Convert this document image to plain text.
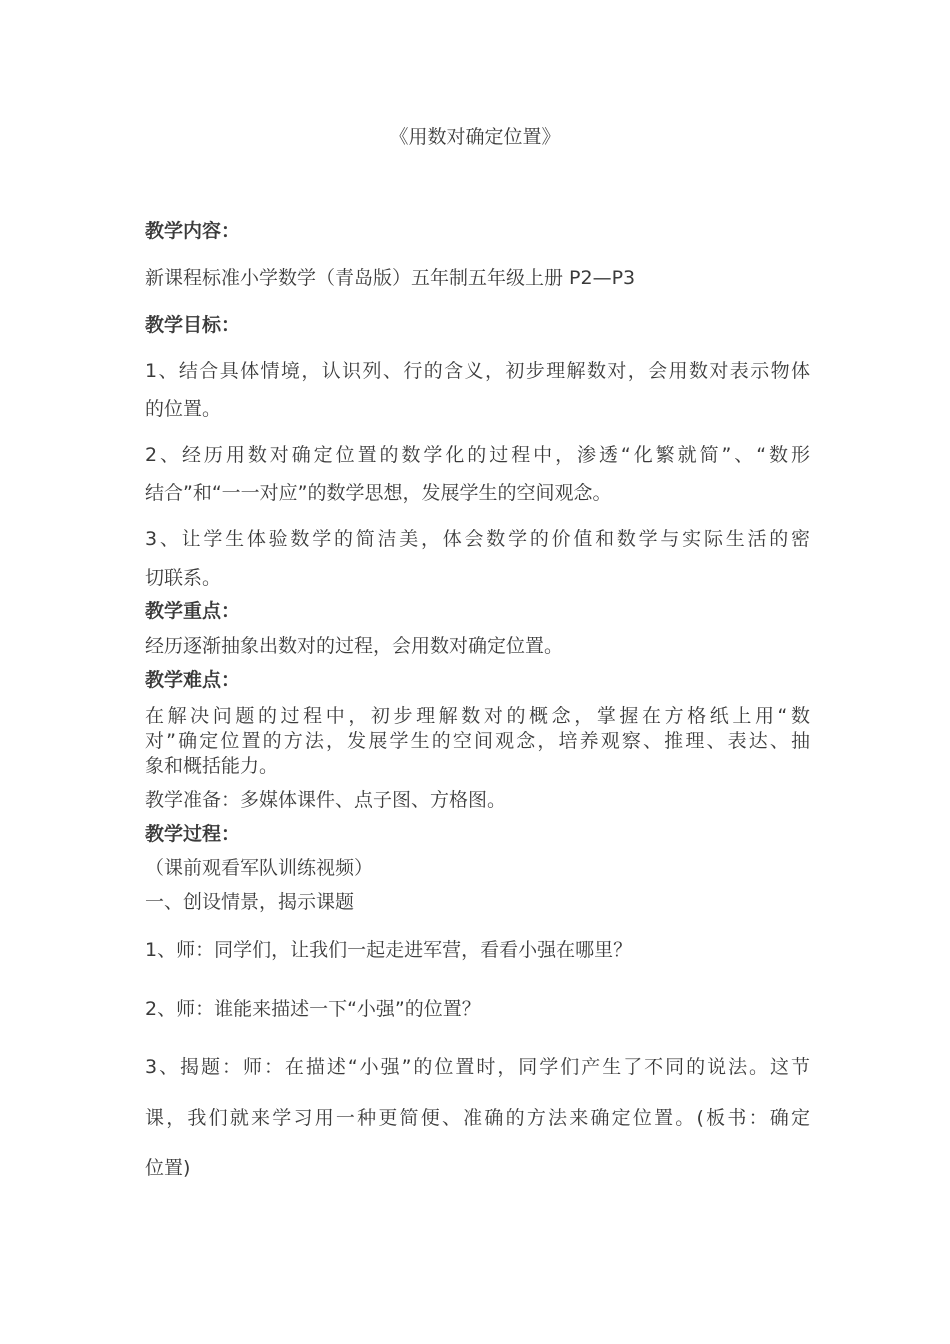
《用数对确定位置》
教学内容：
新课程标准小学数学（青岛版）五年制五年级上册 P2—P3
教学目标：
1、结合具体情境，认识列、行的含义，初步理解数对，会用数对表示物体
的位置。
2、经历用数对确定位置的数学化的过程中，渗透“化繁就简”、“数形
结合”和“一一对应”的数学思想，发展学生的空间观念。
3、让学生体验数学的简洁美，体会数学的价值和数学与实际生活的密
切联系。
教学重点：
经历逐渐抽象出数对的过程，会用数对确定位置。
教学难点：
在解决问题的过程中，初步理解数对的概念，掌握在方格纸上用“数
对”确定位置的方法，发展学生的空间观念，培养观察、推理、表达、抽
象和概括能力。
教学准备：多媒体课件、点子图、方格图。
教学过程：
（课前观看军队训练视频）
一、创设情景，揭示课题
1、师：同学们，让我们一起走进军营，看看小强在哪里？
2、师：谁能来描述一下“小强”的位置？
3、揭题：师：在描述“小强”的位置时，同学们产生了不同的说法。这节
课，我们就来学习用一种更简便、准确的方法来确定位置。(板书：确定
位置)
